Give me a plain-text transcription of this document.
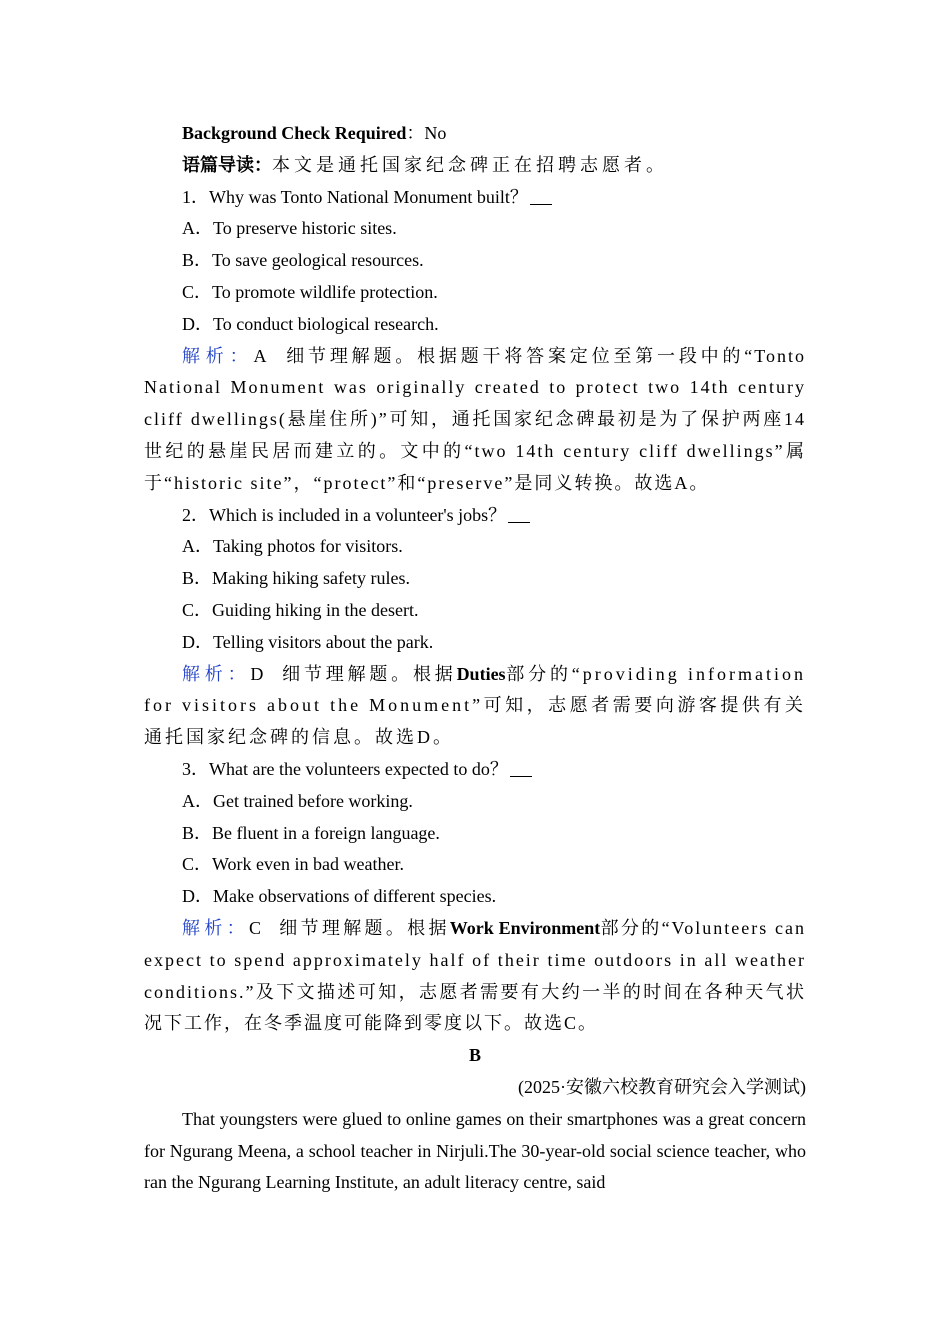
Background Check Required：No

语篇导读：本文是通托国家纪念碑正在招聘志愿者。

1．Why was Tonto National Monument built？

A．To preserve historic sites.

B．To save geological resources.

C．To promote wildlife protection.

D．To conduct biological research.

解析：A  细节理解题。根据题干将答案定位至第一段中的“Tonto National Monument was originally created to protect two 14th century cliff dwellings(悬崖住所)”可知，通托国家纪念碑最初是为了保护两座14世纪的悬崖民居而建立的。文中的“two 14th century cliff dwellings”属于“historic site”，“protect”和“preserve”是同义转换。故选A。

2．Which is included in a volunteer's jobs？

A．Taking photos for visitors.

B．Making hiking safety rules.

C．Guiding hiking in the desert.

D．Telling visitors about the park.

解析：D  细节理解题。根据Duties部分的“providing information for visitors about the Monument”可知，志愿者需要向游客提供有关通托国家纪念碑的信息。故选D。

3．What are the volunteers expected to do？

A．Get trained before working.

B．Be fluent in a foreign language.

C．Work even in bad weather.

D．Make observations of different species.

解析：C  细节理解题。根据Work Environment部分的“Volunteers can expect to spend approximately half of their time outdoors in all weather conditions.”及下文描述可知，志愿者需要有大约一半的时间在各种天气状况下工作，在冬季温度可能降到零度以下。故选C。

B

(2025·安徽六校教育研究会入学测试)

That youngsters were glued to online games on their smartphones was a great concern for Ngurang Meena, a school teacher in Nirjuli.The 30-year-old social science teacher, who ran the Ngurang Learning Institute, an adult literacy centre, said
